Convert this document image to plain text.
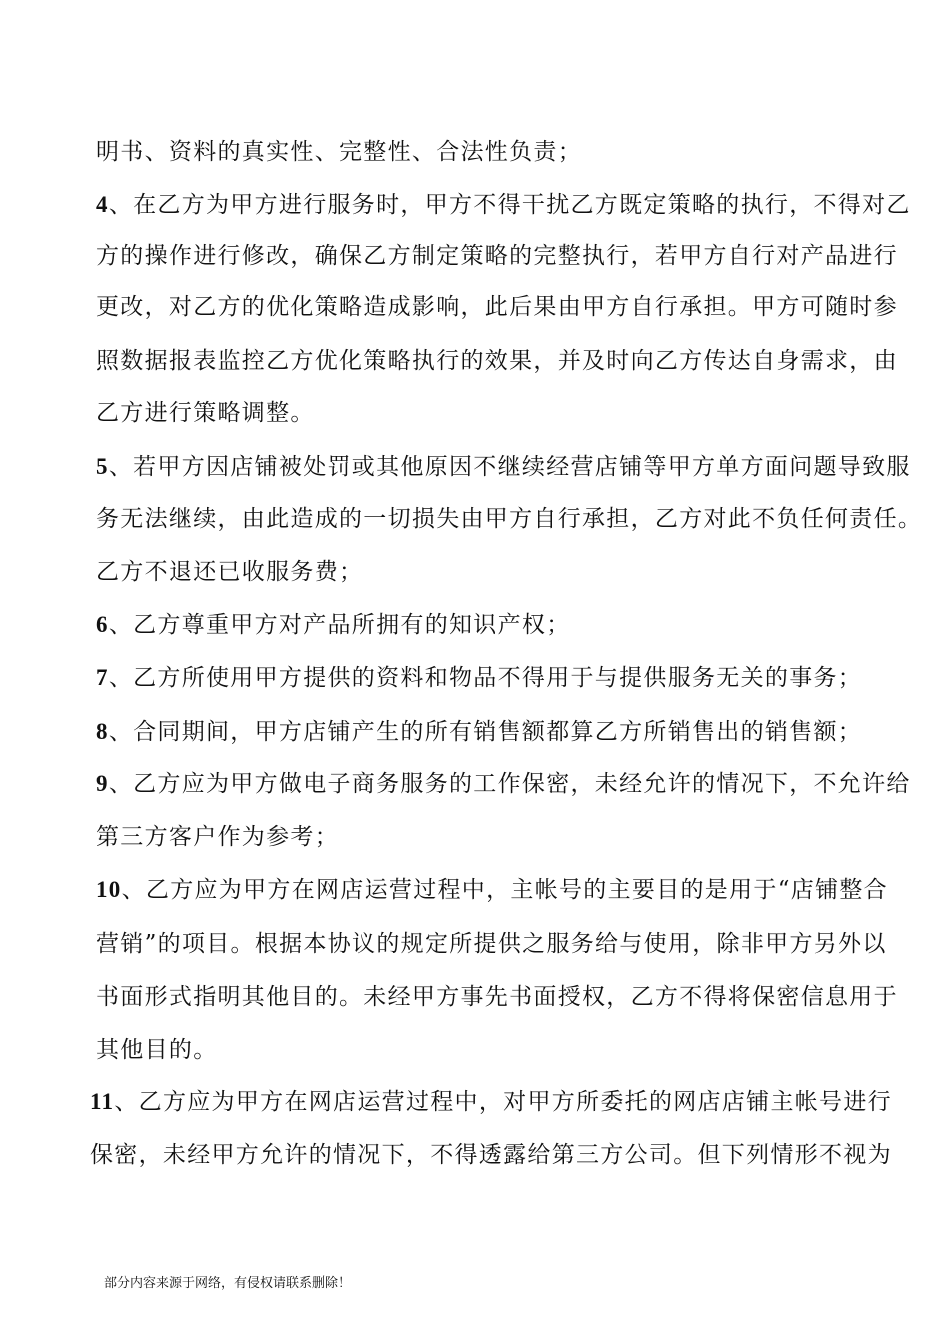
明书、资料的真实性、完整性、合法性负责；
4、在乙方为甲方进行服务时，甲方不得干扰乙方既定策略的执行，不得对乙
方的操作进行修改，确保乙方制定策略的完整执行，若甲方自行对产品进行
更改，对乙方的优化策略造成影响，此后果由甲方自行承担。甲方可随时参
照数据报表监控乙方优化策略执行的效果，并及时向乙方传达自身需求，由
乙方进行策略调整。
5、若甲方因店铺被处罚或其他原因不继续经营店铺等甲方单方面问题导致服
务无法继续，由此造成的一切损失由甲方自行承担，乙方对此不负任何责任。
乙方不退还已收服务费；
6、乙方尊重甲方对产品所拥有的知识产权；
7、乙方所使用甲方提供的资料和物品不得用于与提供服务无关的事务；
8、合同期间，甲方店铺产生的所有销售额都算乙方所销售出的销售额；
9、乙方应为甲方做电子商务服务的工作保密，未经允许的情况下，不允许给
第三方客户作为参考；
10、乙方应为甲方在网店运营过程中，主帐号的主要目的是用于“店铺整合
营销”的项目。根据本协议的规定所提供之服务给与使用，除非甲方另外以
书面形式指明其他目的。未经甲方事先书面授权，乙方不得将保密信息用于
其他目的。
11、乙方应为甲方在网店运营过程中，对甲方所委托的网店店铺主帐号进行
保密，未经甲方允许的情况下，不得透露给第三方公司。但下列情形不视为
部分内容来源于网络，有侵权请联系删除！
